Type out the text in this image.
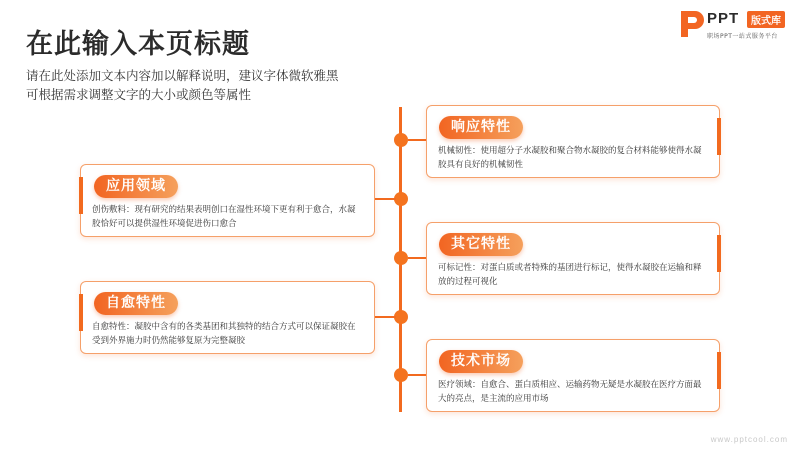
在此输入本页标题
请在此处添加文本内容加以解释说明，建议字体微软雅黑
可根据需求调整文字的大小或颜色等属性
PPT	版式库
职场PPT一站式服务平台
响应特性
机械韧性：使用超分子水凝胶和聚合物水凝胶的复合材料能够使得水凝胶具有良好的机械韧性
其它特性
可标记性：对蛋白质或者特殊的基团进行标记，使得水凝胶在运输和释放的过程可视化
技术市场
医疗领域：自愈合、蛋白质相应、运输药物无疑是水凝胶在医疗方面最大的亮点，是主流的应用市场
应用领域
创伤敷料：现有研究的结果表明创口在湿性环境下更有利于愈合，水凝胶恰好可以提供湿性环境促进伤口愈合
自愈特性
自愈特性：凝胶中含有的各类基团和其独特的结合方式可以保证凝胶在受到外界施力时仍然能够复原为完整凝胶
www.pptcool.com
